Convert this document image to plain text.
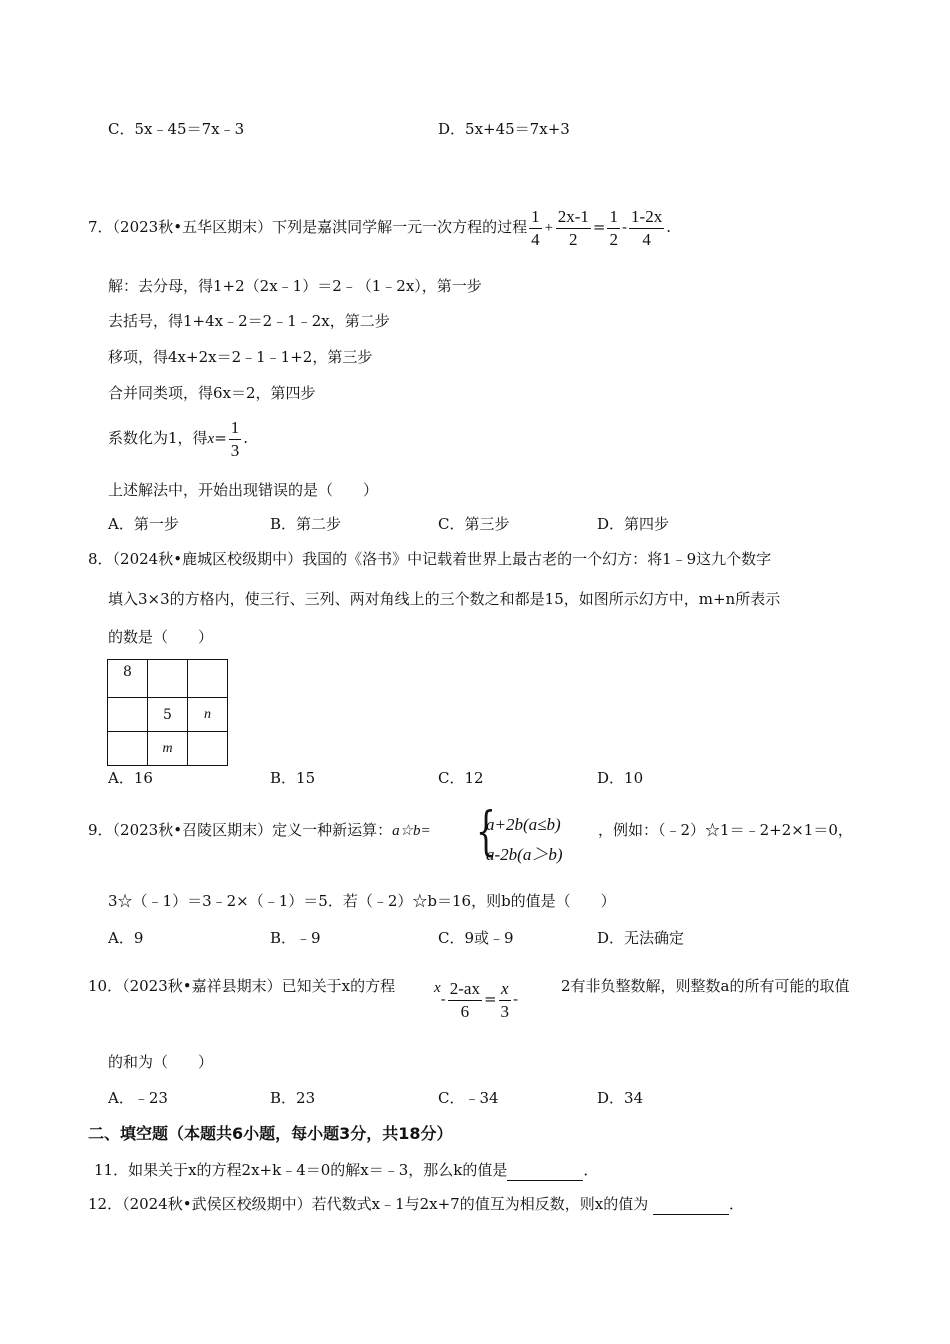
C．5x﹣45＝7x﹣3	D．5x+45＝7x+3
7．（2023秋•五华区期末）下列是嘉淇同学解一元一次方程的过程 $\frac{1}{4} + \frac{2x-1}{2} = \frac{1}{2} - \frac{1-2x}{4}$ .
解：去分母，得1+2（2x﹣1）＝2﹣（1﹣2x），第一步
去括号，得1+4x﹣2＝2﹣1﹣2x，第二步
移项，得4x+2x＝2﹣1﹣1+2，第三步
合并同类项，得6x＝2，第四步
系数化为1，得$x= \frac{1}{3}$ .
上述解法中，开始出现错误的是（　　）
A．第一步	B．第二步	C．第三步	D．第四步
8．（2024秋•鹿城区校级期中）我国的《洛书》中记载着世界上最古老的一个幻方：将1﹣9这九个数字
填入3×3的方格内，使三行、三列、两对角线上的三个数之和都是15，如图所示幻方中，m+n所表示
的数是（　　）
8		
	5	n
	m	
A．16	B．15	C．12	D．10
9．（2023秋•召陵区期末）定义一种新运算：a☆b= {
a+2b(a≤b)
a-2b(a＞b)
，例如：（﹣2）☆1＝﹣2+2×1＝0，
3☆（﹣1）＝3﹣2×（﹣1）＝5．若（﹣2）☆b＝16，则b的值是（　　）
A．9	B．﹣9	C．9或﹣9	D．无法确定
10．（2023秋•嘉祥县期末）已知关于x的方程	$x- \frac{2-ax}{6} = \frac{x}{3}$ -
2有非负整数解，则整数a的所有可能的取值
的和为（　　）
A．﹣23	B．23	C．﹣34	D．34
二、填空题（本题共6小题，每小题3分，共18分）
11．如果关于x的方程2x+k﹣4＝0的解x＝﹣3，那么k的值是	．
12．（2024秋•武侯区校级期中）若代数式x﹣1与2x+7的值互为相反数，则x的值为	．
